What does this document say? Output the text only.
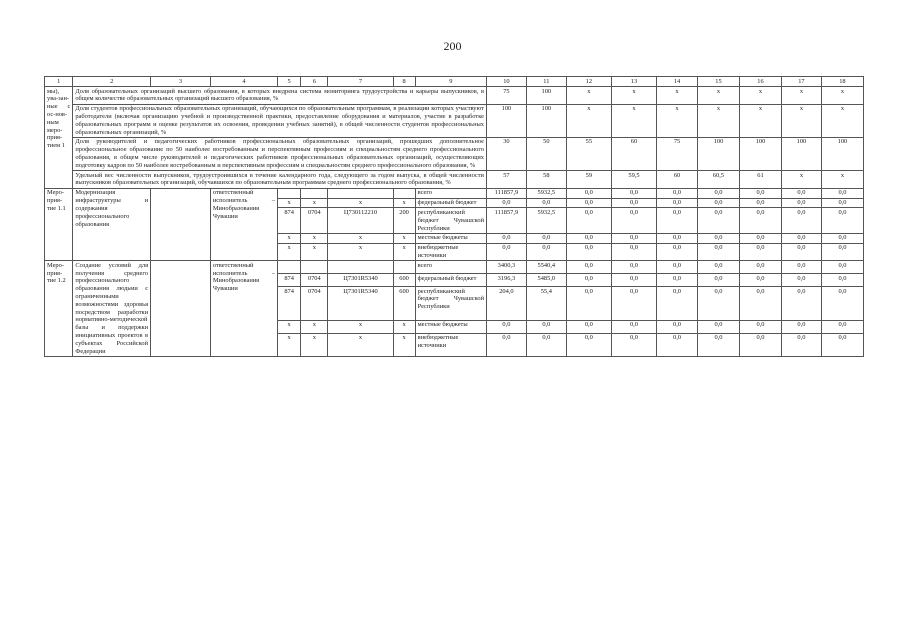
200
1	2	3	4	5	6	7	8	9	10	11	12	13	14	15	16	17	18
мы), ува-зан-ные с ос-нов-ным меро-прия-тием 1	Доля образовательных организаций высшего образования, в которых внедрена система мониторинга трудоустройства и карьеры выпускников, в общем количестве образовательных организаций высшего образования, %								75	100	x	x	x	x	x	x	x
	Доля студентов профессиональных образовательных организаций, обучающихся по образовательным программам, в реализации которых участвуют работодатели (включая организацию учебной и производственной практики, предоставление оборудования и материалов, участие в разработке образовательных программ и оценке результатов их освоения, проведении учебных занятий), в общей численности студентов профессиональных образовательных организаций, %								100	100	x	x	x	x	x	x	x
	Доля руководителей и педагогических работников профессиональных образовательных организаций, прошедших дополнительное профессиональное образование по 50 наиболее востребованным и перспективным профессиям и специальностям среднего профессионального образования, в общем числе руководителей и педагогических работников профессиональных образовательных организаций, осуществляющих подготовку кадров по 50 наиболее востребованным и перспективным профессиям и специальностям среднего профессионального образования, %								30	50	55	60	75	100	100	100	100
	Удельный вес численности выпускников, трудоустроившихся в течение календарного года, следующего за годом выпуска, в общей численности выпускников образовательных организаций, обучавшихся по образовательным программам среднего профессионального образования, %								57	58	59	59,5	60	60,5	61	x	x
Меро-прия-тие 1.1	Модернизация инфраструктуры и содержания профессионального образования		ответственный исполнитель – Минобразования Чувашии					всего	111857,9	5932,5	0,0	0,0	0,0	0,0	0,0	0,0	0,0
				x	x	x	x	федеральный бюджет	0,0	0,0	0,0	0,0	0,0	0,0	0,0	0,0	0,0
				874	0704	Ц730112210	200	республиканский бюджет Чувашской Республики	111857,9	5932,5	0,0	0,0	0,0	0,0	0,0	0,0	0,0
				x	x	x	x	местные бюджеты	0,0	0,0	0,0	0,0	0,0	0,0	0,0	0,0	0,0
				x	x	x	x	внебюджетные источники	0,0	0,0	0,0	0,0	0,0	0,0	0,0	0,0	0,0
Меро-прия-тие 1.2	Создание условий для получения среднего профессионального образования людьми с ограниченными возможностями здоровья посредством разработки нормативно-методической базы и поддержки инициативных проектов в субъектах Российской Федерации		ответственный исполнитель – Минобразования Чувашии					всего	3400,3	5540,4	0,0	0,0	0,0	0,0	0,0	0,0	0,0
				874	0704	Ц7301R5340	600	федеральный бюджет	3196,3	5485,0	0,0	0,0	0,0	0,0	0,0	0,0	0,0
				874	0704	Ц7301R5340	600	республиканский бюджет Чувашской Республики	204,0	55,4	0,0	0,0	0,0	0,0	0,0	0,0	0,0
				x	x	x	x	местные бюджеты	0,0	0,0	0,0	0,0	0,0	0,0	0,0	0,0	0,0
				x	x	x	x	внебюджетные источники	0,0	0,0	0,0	0,0	0,0	0,0	0,0	0,0	0,0
